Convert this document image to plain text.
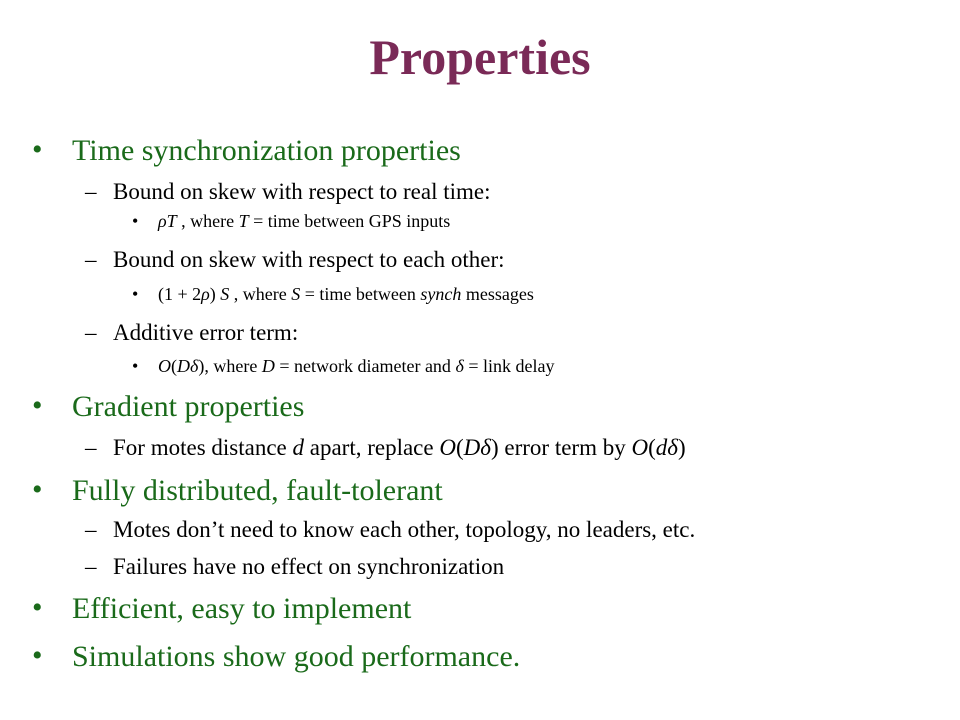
Properties
• Time synchronization properties
– Bound on skew with respect to real time:
• ρT , where T = time between GPS inputs
– Bound on skew with respect to each other:
• (1 + 2ρ) S , where S = time between synch messages
– Additive error term:
• O(Dδ), where D = network diameter and δ = link delay
• Gradient properties
– For motes distance d apart, replace O(Dδ) error term by O(dδ)
• Fully distributed, fault-tolerant
– Motes don’t need to know each other, topology, no leaders, etc.
– Failures have no effect on synchronization
• Efficient, easy to implement
• Simulations show good performance.
